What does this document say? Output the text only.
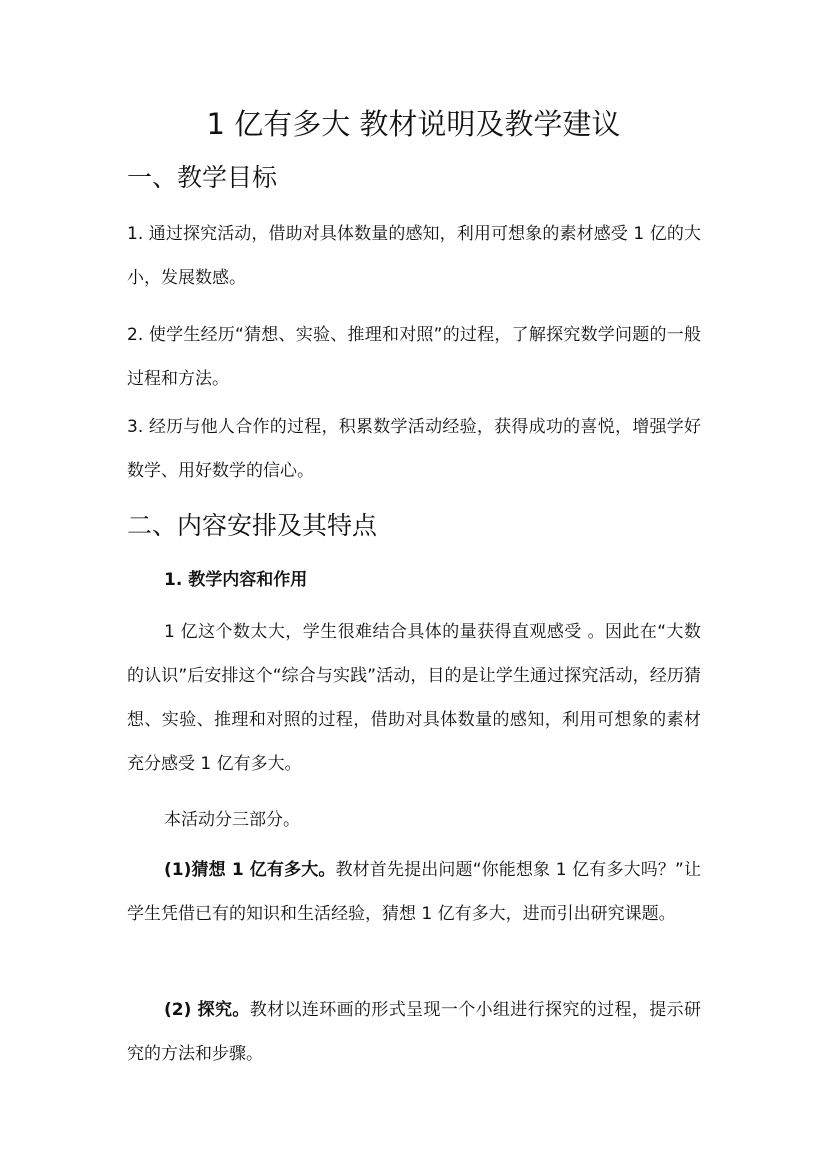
1 亿有多大 教材说明及教学建议
一、教学目标

1. 通过探究活动，借助对具体数量的感知，利用可想象的素材感受 1 亿的大小，发展数感。

2. 使学生经历“猜想、实验、推理和对照”的过程，了解探究数学问题的一般过程和方法。

3. 经历与他人合作的过程，积累数学活动经验，获得成功的喜悦，增强学好数学、用好数学的信心。

二、内容安排及其特点

1. 教学内容和作用

1 亿这个数太大，学生很难结合具体的量获得直观感受 。因此在“大数的认识”后安排这个“综合与实践”活动，目的是让学生通过探究活动，经历猜想、实验、推理和对照的过程，借助对具体数量的感知，利用可想象的素材充分感受 1 亿有多大。

本活动分三部分。

(1)猜想 1 亿有多大。教材首先提出问题“你能想象 1 亿有多大吗？”让学生凭借已有的知识和生活经验，猜想 1 亿有多大，进而引出研究课题。

(2) 探究。教材以连环画的形式呈现一个小组进行探究的过程，提示研究的方法和步骤。
